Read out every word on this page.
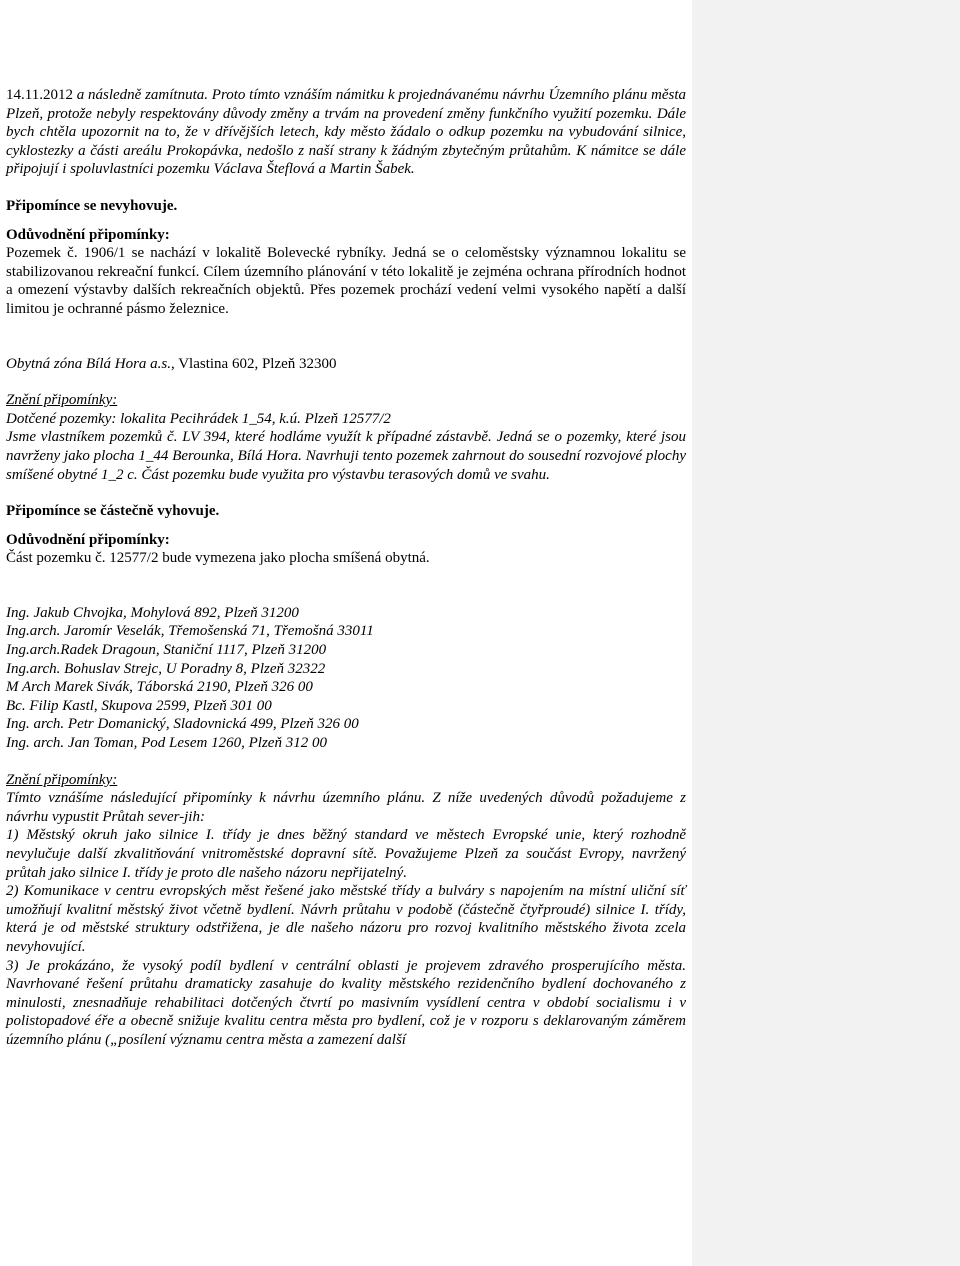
14.11.2012 a následně zamítnuta. Proto tímto vznáším námitku k projednávanému návrhu Územního plánu města Plzeň, protože nebyly respektovány důvody změny a trvám na provedení změny funkčního využití pozemku. Dále bych chtěla upozornit na to, že v dřívějších letech, kdy město žádalo o odkup pozemku na vybudování silnice, cyklostezky a části areálu Prokopávka, nedošlo z naší strany k žádným zbytečným průtahům. K námitce se dále připojují i spoluvlastníci pozemku Václava Šteflová a Martin Šabek.

Připomínce se nevyhovuje.

Odůvodnění připomínky:

Pozemek č. 1906/1 se nachází v lokalitě Bolevecké rybníky. Jedná se o celoměstsky významnou lokalitu se stabilizovanou rekreační funkcí. Cílem územního plánování v této lokalitě je zejména ochrana přírodních hodnot a omezení výstavby dalších rekreačních objektů. Přes pozemek prochází vedení velmi vysokého napětí a další limitou je ochranné pásmo železnice.

Obytná zóna Bílá Hora a.s., Vlastina 602, Plzeň 32300

Znění připomínky:

Dotčené pozemky: lokalita Pecihrádek 1_54, k.ú. Plzeň 12577/2

Jsme vlastníkem pozemků č. LV 394, které hodláme využít k případné zástavbě. Jedná se o pozemky, které jsou navrženy jako plocha 1_44 Berounka, Bílá Hora. Navrhuji tento pozemek zahrnout do sousední rozvojové plochy smíšené obytné 1_2 c. Část pozemku bude využita pro výstavbu terasových domů ve svahu.

Připomínce se částečně vyhovuje.

Odůvodnění připomínky:

Část pozemku č. 12577/2 bude vymezena jako plocha smíšená obytná.

Ing. Jakub Chvojka, Mohylová 892, Plzeň 31200

Ing.arch. Jaromír Veselák, Třemošenská 71, Třemošná 33011

Ing.arch.Radek Dragoun, Staniční 1117, Plzeň 31200

Ing.arch. Bohuslav Strejc, U Poradny 8, Plzeň 32322

M Arch Marek Sivák, Táborská 2190, Plzeň 326 00

Bc. Filip Kastl, Skupova 2599, Plzeň 301 00

Ing. arch. Petr Domanický, Sladovnická 499, Plzeň 326 00

Ing. arch. Jan Toman, Pod Lesem 1260, Plzeň 312 00

Znění připomínky:

Tímto vznášíme následující připomínky k návrhu územního plánu. Z níže uvedených důvodů požadujeme z návrhu vypustit Průtah sever-jih:

1) Městský okruh jako silnice I. třídy je dnes běžný standard ve městech Evropské unie, který rozhodně nevylučuje další zkvalitňování vnitroměstské dopravní sítě. Považujeme Plzeň za součást Evropy, navržený průtah jako silnice I. třídy je proto dle našeho názoru nepřijatelný.

2) Komunikace v centru evropských měst řešené jako městské třídy a bulváry s napojením na místní uliční síť umožňují kvalitní městský život včetně bydlení. Návrh průtahu v podobě (částečně čtyřproudé) silnice I. třídy, která je od městské struktury odstřižena, je dle našeho názoru pro rozvoj kvalitního městského života zcela nevyhovující.

3) Je prokázáno, že vysoký podíl bydlení v centrální oblasti je projevem zdravého prosperujícího města. Navrhované řešení průtahu dramaticky zasahuje do kvality městského rezidenčního bydlení dochovaného z minulosti, znesnadňuje rehabilitaci dotčených čtvrtí po masivním vysídlení centra v období socialismu i v polistopadové éře a obecně snižuje kvalitu centra města pro bydlení, což je v rozporu s deklarovaným záměrem územního plánu („posílení významu centra města a zamezení další
